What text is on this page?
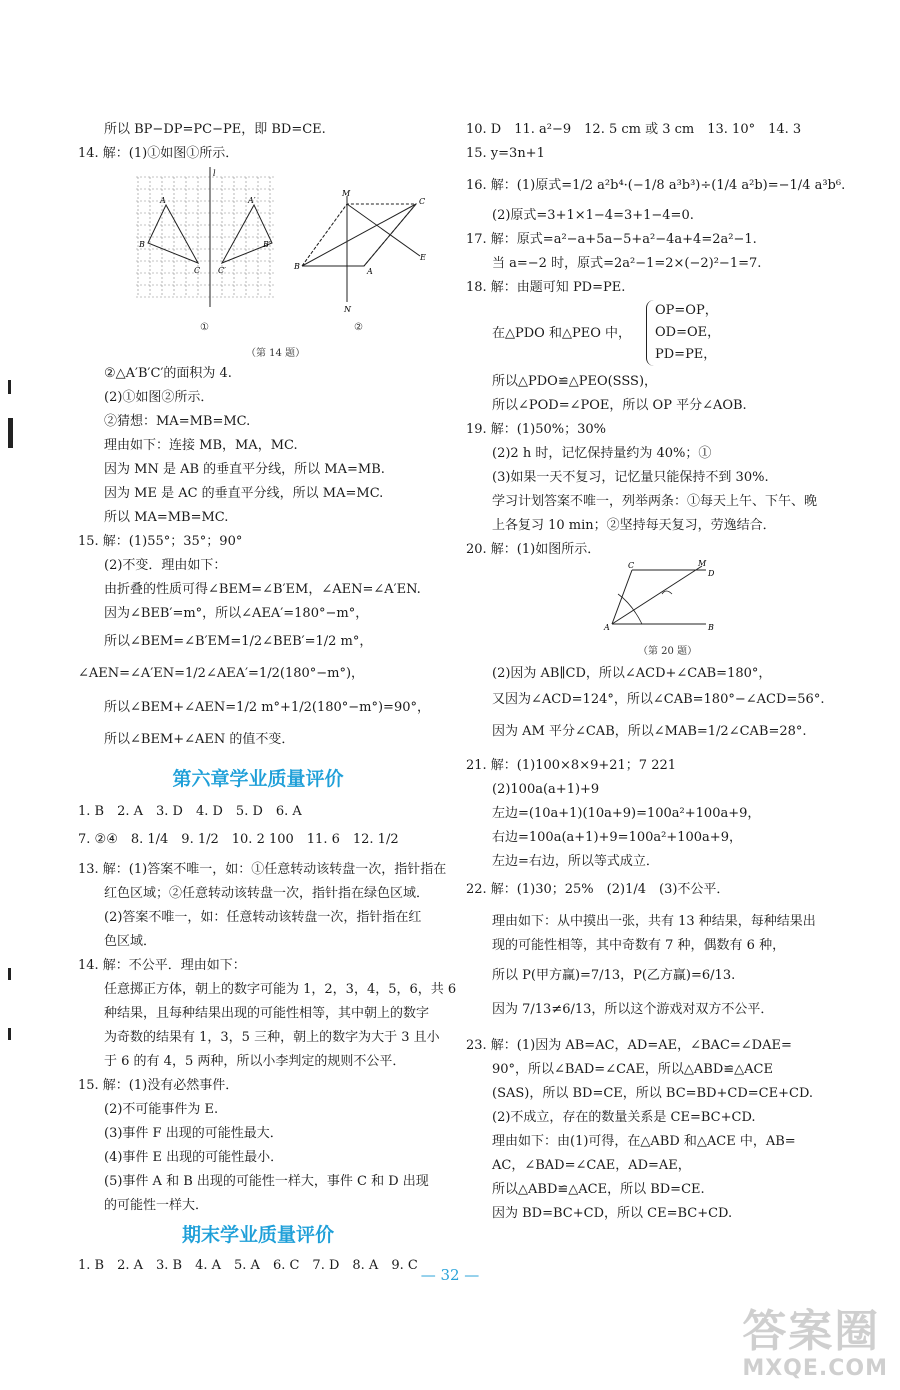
所以 BP−DP=PC−PE，即 BD=CE.
14. 解：(1)①如图①所示．
l
A
B
C
A′
B′
C′
M
C
B
A
E
N
①	②
（第 14 题）
②△A′B′C′的面积为 4.
(2)①如图②所示．
②猜想：MA=MB=MC.
理由如下：连接 MB，MA，MC.
因为 MN 是 AB 的垂直平分线，所以 MA=MB.
因为 ME 是 AC 的垂直平分线，所以 MA=MC.
所以 MA=MB=MC.
15. 解：(1)55°；35°；90°
(2)不变．理由如下：
由折叠的性质可得∠BEM=∠B′EM，∠AEN=∠A′EN.
因为∠BEB′=m°，所以∠AEA′=180°−m°，
所以∠BEM=∠B′EM=1/2∠BEB′=1/2 m°，
∠AEN=∠A′EN=1/2∠AEA′=1/2(180°−m°)，
所以∠BEM+∠AEN=1/2 m°+1/2(180°−m°)=90°，
所以∠BEM+∠AEN 的值不变．
第六章学业质量评价
1. B　2. A　3. D　4. D　5. D　6. A
7. ②④　8. 1/4　9. 1/2　10. 2 100　11. 6　12. 1/2
13. 解：(1)答案不唯一，如：①任意转动该转盘一次，指针指在
红色区域；②任意转动该转盘一次，指针指在绿色区域．
(2)答案不唯一，如：任意转动该转盘一次，指针指在红
色区域．
14. 解：不公平．理由如下：
任意掷正方体，朝上的数字可能为 1，2，3，4，5，6，共 6
种结果，且每种结果出现的可能性相等，其中朝上的数字
为奇数的结果有 1，3，5 三种，朝上的数字为大于 3 且小
于 6 的有 4，5 两种，所以小李判定的规则不公平．
15. 解：(1)没有必然事件．
(2)不可能事件为 E.
(3)事件 F 出现的可能性最大．
(4)事件 E 出现的可能性最小．
(5)事件 A 和 B 出现的可能性一样大，事件 C 和 D 出现
的可能性一样大．
期末学业质量评价
1. B　2. A　3. B　4. A　5. A　6. C　7. D　8. A　9. C
10. D　11. a²−9　12. 5 cm 或 3 cm　13. 10°　14. 3
15. y=3n+1
16. 解：(1)原式=1/2 a²b⁴·(−1/8 a³b³)÷(1/4 a²b)=−1/4 a³b⁶.
(2)原式=3+1×1−4=3+1−4=0.
17. 解：原式=a²−a+5a−5+a²−4a+4=2a²−1.
当 a=−2 时，原式=2a²−1=2×(−2)²−1=7.
18. 解：由题可知 PD=PE.
在△PDO 和△PEO 中，
OP=OP，
OD=OE，
PD=PE，
所以△PDO≌△PEO(SSS)，
所以∠POD=∠POE，所以 OP 平分∠AOB.
19. 解：(1)50%；30%
(2)2 h 时，记忆保持量约为 40%；①
(3)如果一天不复习，记忆量只能保持不到 30%.
学习计划答案不唯一，列举两条：①每天上午、下午、晚
上各复习 10 min；②坚持每天复习，劳逸结合．
20. 解：(1)如图所示．
C	M
D
A	B
（第 20 题）
(2)因为 AB∥CD，所以∠ACD+∠CAB=180°，
又因为∠ACD=124°，所以∠CAB=180°−∠ACD=56°.
因为 AM 平分∠CAB，所以∠MAB=1/2∠CAB=28°.
21. 解：(1)100×8×9+21；7 221
(2)100a(a+1)+9
左边=(10a+1)(10a+9)=100a²+100a+9，
右边=100a(a+1)+9=100a²+100a+9，
左边=右边，所以等式成立．
22. 解：(1)30；25%　(2)1/4　(3)不公平．
理由如下：从中摸出一张，共有 13 种结果，每种结果出
现的可能性相等，其中奇数有 7 种，偶数有 6 种，
所以 P(甲方赢)=7/13，P(乙方赢)=6/13.
因为 7/13≠6/13，所以这个游戏对双方不公平．
23. 解：(1)因为 AB=AC，AD=AE，∠BAC=∠DAE=
90°，所以∠BAD=∠CAE，所以△ABD≌△ACE
(SAS)，所以 BD=CE，所以 BC=BD+CD=CE+CD.
(2)不成立，存在的数量关系是 CE=BC+CD.
理由如下：由(1)可得，在△ABD 和△ACE 中，AB=
AC，∠BAD=∠CAE，AD=AE，
所以△ABD≌△ACE，所以 BD=CE.
因为 BD=BC+CD，所以 CE=BC+CD.
— 32 —
答案圈
MXQE.COM
